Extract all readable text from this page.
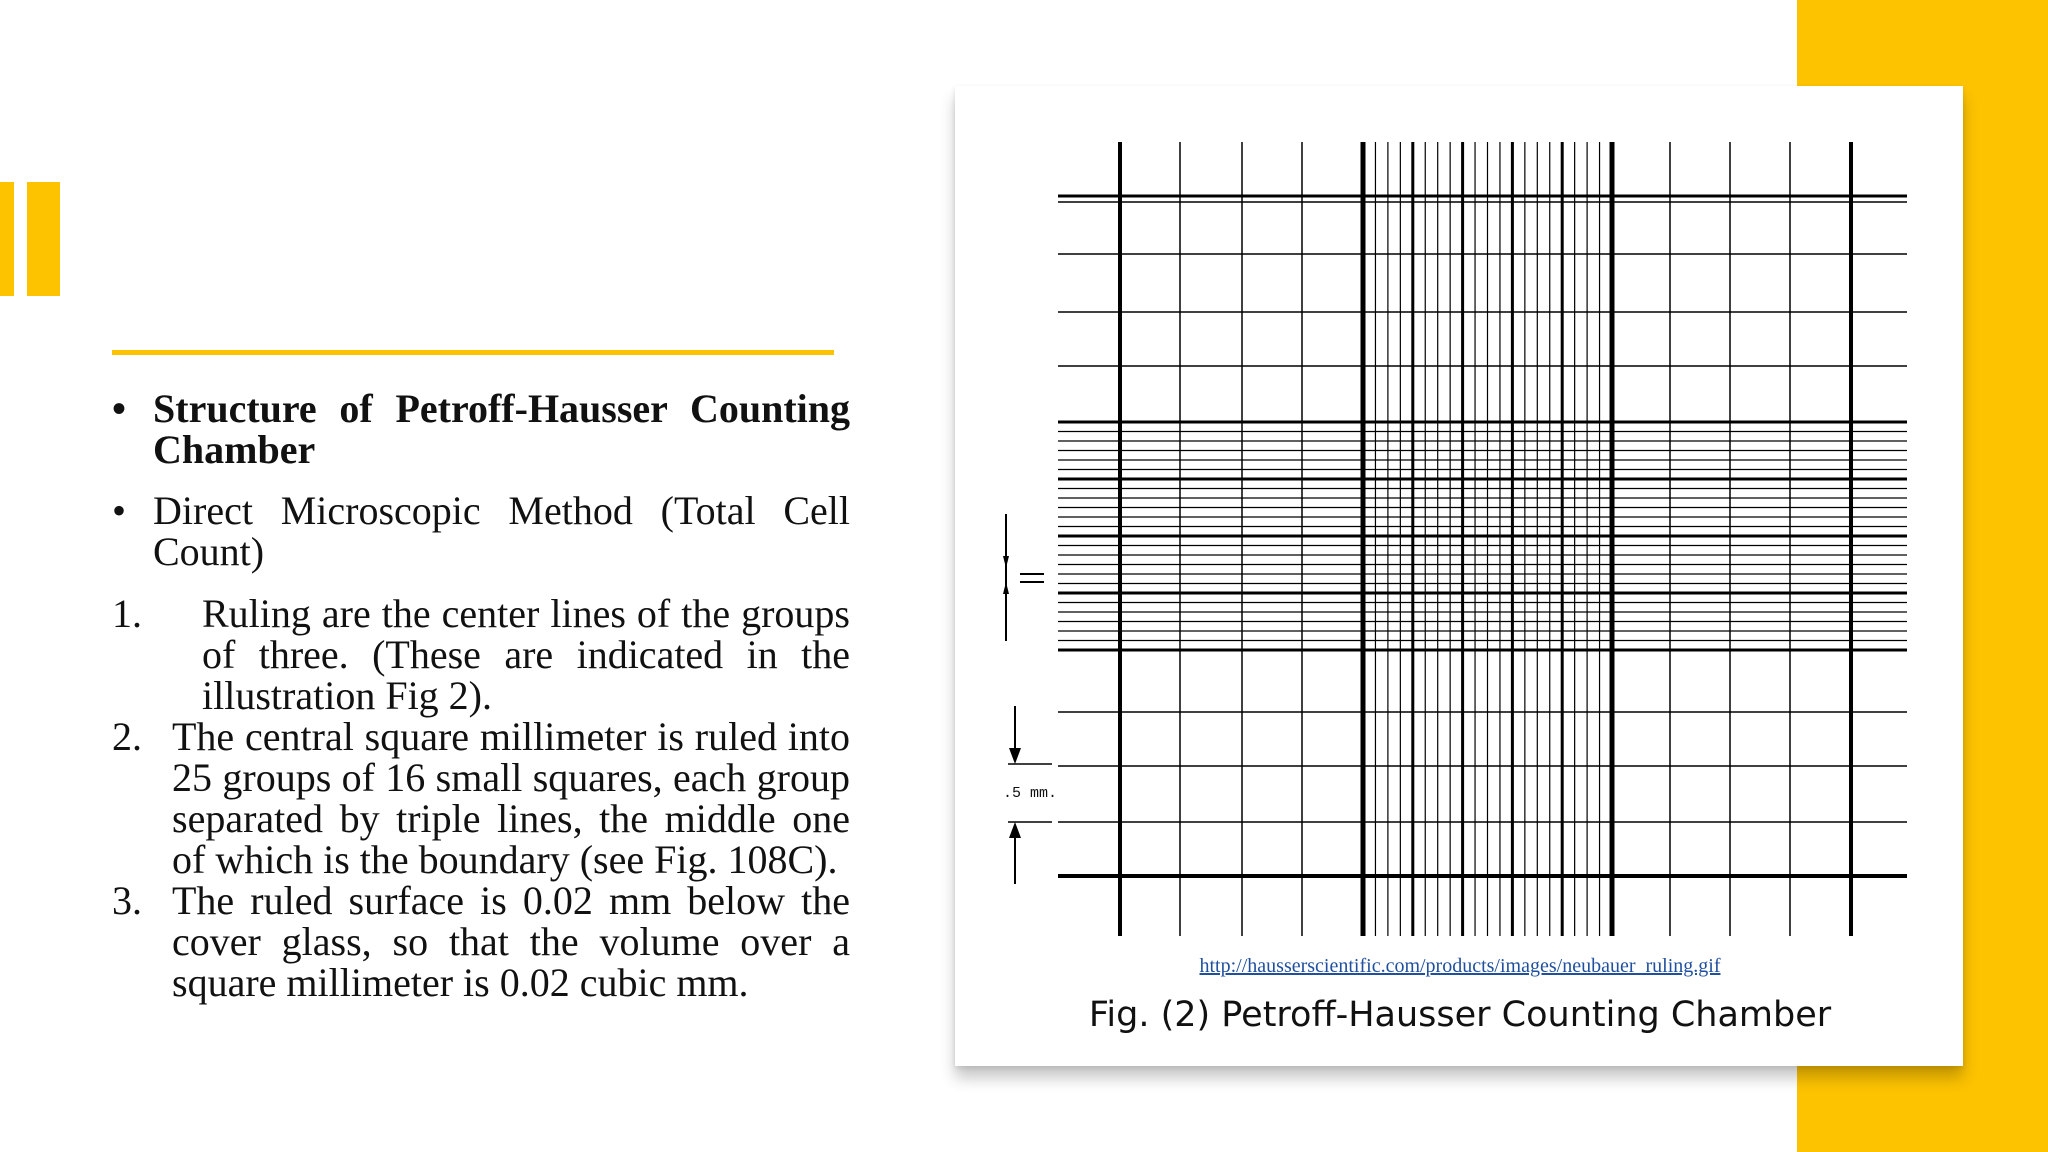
• Structure of Petroff-Hausser Counting Chamber
• Direct Microscopic Method (Total Cell Count)
1. Ruling are the center lines of the groups of three. (These are indicated in the illustration Fig 2).
2. The central square millimeter is ruled into 25 groups of 16 small squares, each group separated by triple lines, the middle one of which is the boundary (see Fig. 108C).
3. The ruled surface is 0.02 mm below the cover glass, so that the volume over a square millimeter is 0.02 cubic mm.
.5 mm.
http://hausserscientific.com/products/images/neubauer_ruling.gif
Fig. (2) Petroff-Hausser Counting Chamber
